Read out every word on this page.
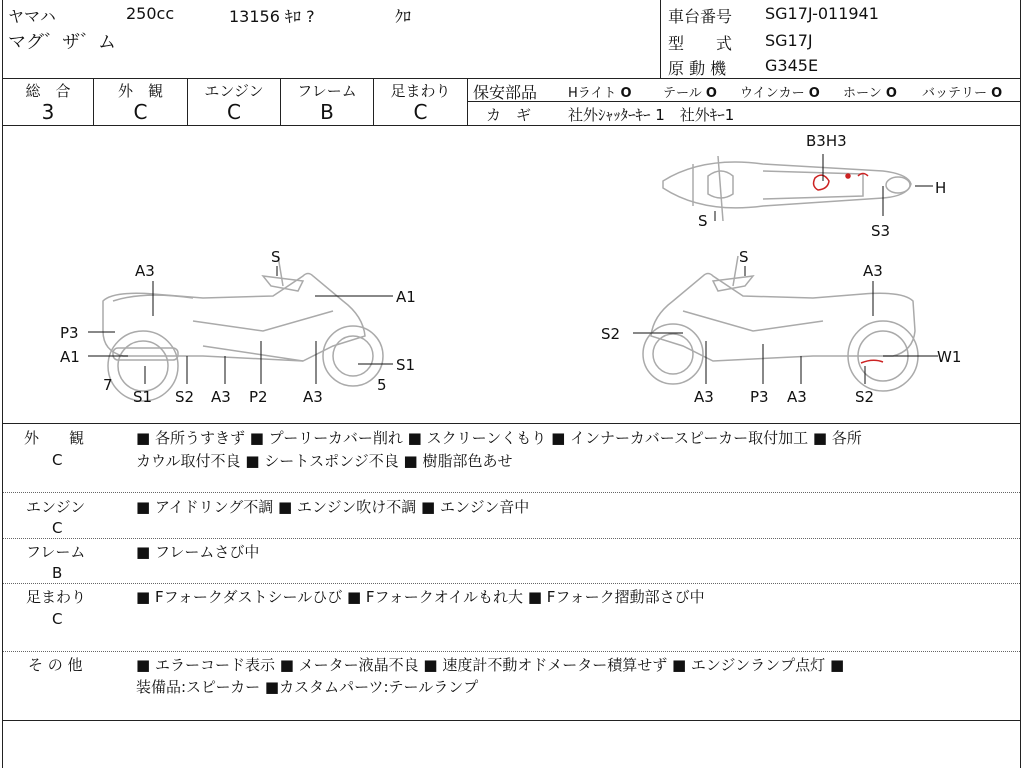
ヤマハ	250cc	13156 ｷﾛ ?	ｸﾛ
マグ゛ザ゛ム
車台番号 SG17J-011941
型　　式 SG17J
原 動 機 G345E
総　合
3
外　観
C
エンジン
C
フレーム
B
足まわり
C
保安部品 Hライト O テール O ウインカー O ホーン O バッテリー O
カ　ギ 社外ｼｬｯﾀｰｷｰ 1　社外ｷｰ1
B3H3
H
S
S3
S
A3
A1
P3
A1	S1
7	5
S1 S2 A3 P2 A3
S
A3
S2
W1
A3 P3 A3	S2
外　　観
C
■ 各所うすきず ■ プーリーカバー削れ ■ スクリーンくもり ■ インナーカバースピーカー取付加工 ■ 各所
カウル取付不良 ■ シートスポンジ不良 ■ 樹脂部色あせ
エンジン
C
■ アイドリング不調 ■ エンジン吹け不調 ■ エンジン音中
フレーム
B
■ フレームさび中
足まわり
C
■ Fフォークダストシールひび ■ Fフォークオイルもれ大 ■ Fフォーク摺動部さび中
そ の 他	■ エラーコード表示 ■ メーター液晶不良 ■ 速度計不動オドメーター積算せず ■ エンジンランプ点灯 ■
装備品:スピーカー ■カスタムパーツ:テールランプ
